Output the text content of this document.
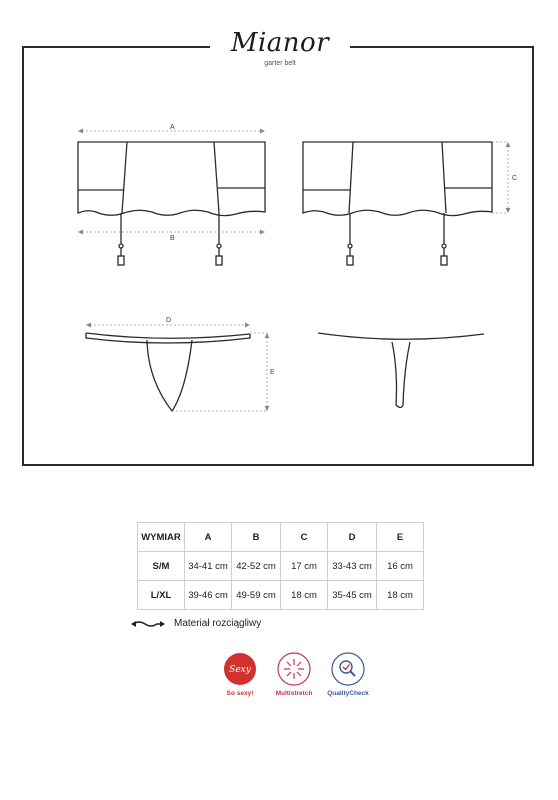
Mianor
garter belt
A
B
C
D
E
WYMIAR	A	B	C	D	E
S/M	34-41 cm	42-52 cm	17 cm	33-43 cm	16 cm
L/XL	39-46 cm	49-59 cm	18 cm	35-45 cm	18 cm
Materiał rozciągliwy
Sexy
So sexy!	Multistretch QualityCheck
